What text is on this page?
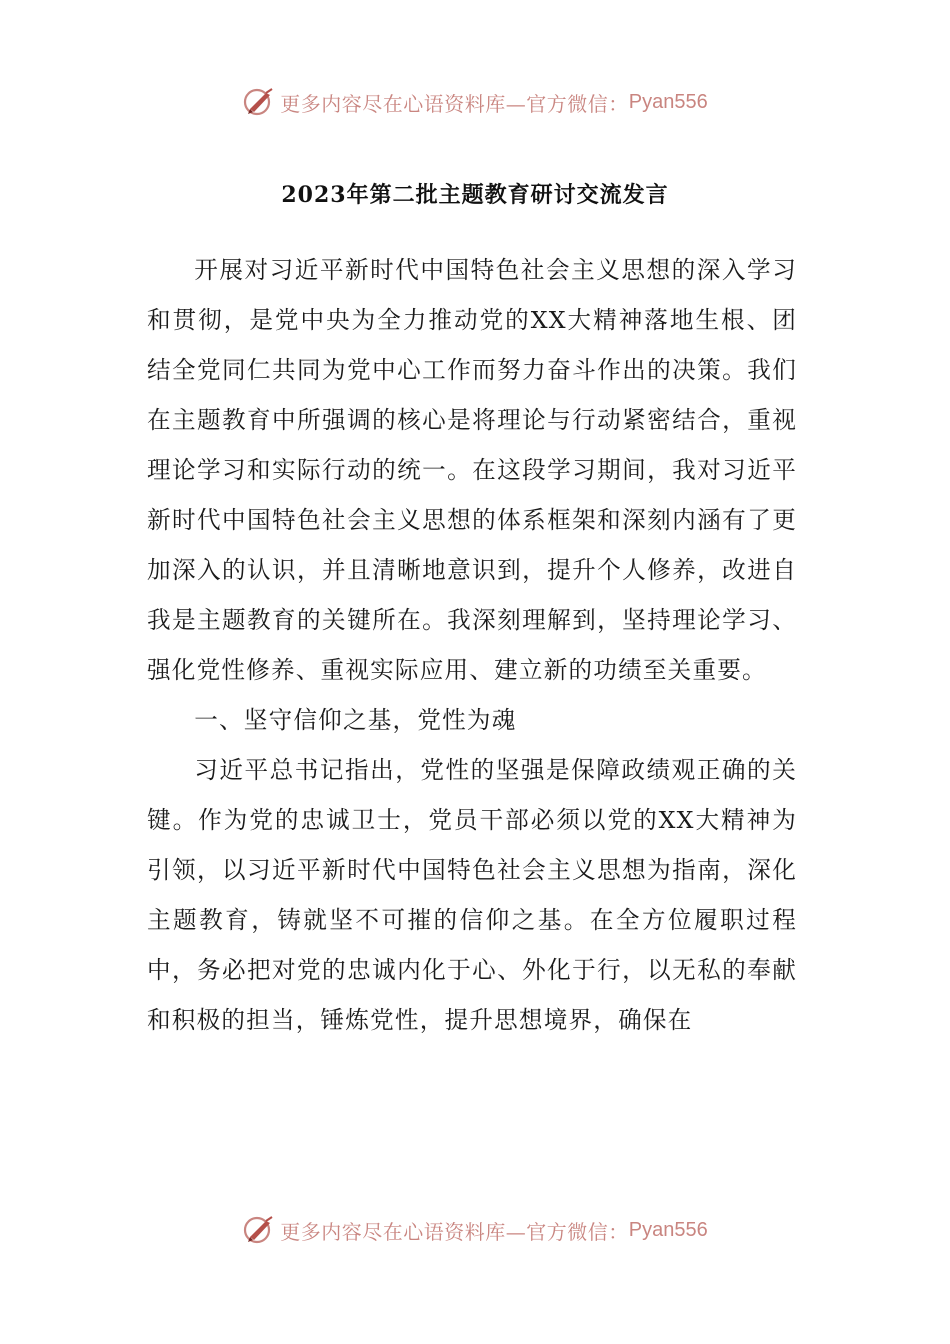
更多内容尽在心语资料库—官方微信： Pyan556
2023年第二批主题教育研讨交流发言

开展对习近平新时代中国特色社会主义思想的深入学习和贯彻，是党中央为全力推动党的XX大精神落地生根、团结全党同仁共同为党中心工作而努力奋斗作出的决策。我们在主题教育中所强调的核心是将理论与行动紧密结合，重视理论学习和实际行动的统一。在这段学习期间，我对习近平新时代中国特色社会主义思想的体系框架和深刻内涵有了更加深入的认识，并且清晰地意识到，提升个人修养，改进自我是主题教育的关键所在。我深刻理解到，坚持理论学习、强化党性修养、重视实际应用、建立新的功绩至关重要。

一、坚守信仰之基，党性为魂

习近平总书记指出，党性的坚强是保障政绩观正确的关键。作为党的忠诚卫士，党员干部必须以党的XX大精神为引领，以习近平新时代中国特色社会主义思想为指南，深化主题教育，铸就坚不可摧的信仰之基。在全方位履职过程中，务必把对党的忠诚内化于心、外化于行，以无私的奉献和积极的担当，锤炼党性，提升思想境界，确保在

更多内容尽在心语资料库—官方微信： Pyan556
